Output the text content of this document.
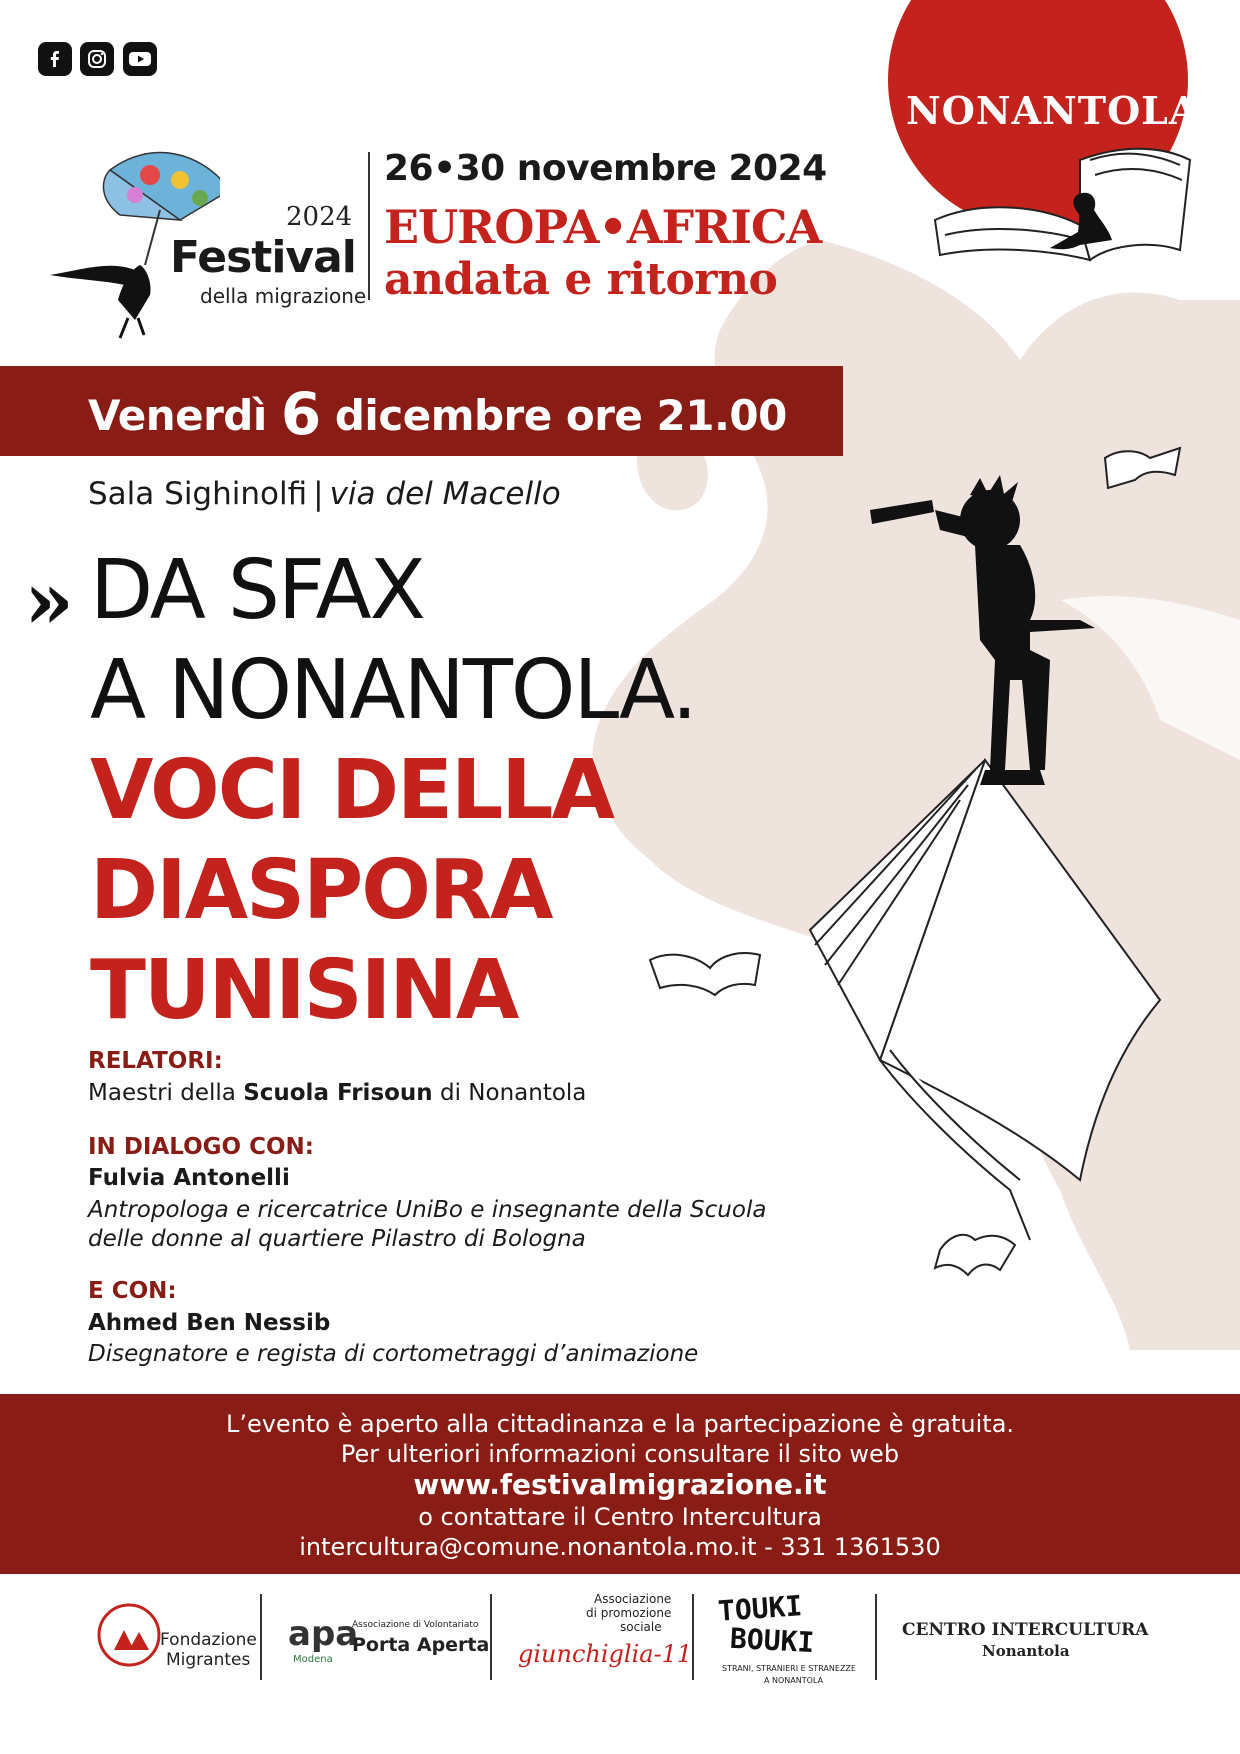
NONANTOLA
2024
Festival
della migrazione
26•30 novembre 2024
EUROPA•AFRICA
andata e ritorno
Venerdì 6 dicembre ore 21.00
Sala Sighinolfi | via del Macello
» DA SFAX
A NONANTOLA.
VOCI DELLA
DIASPORA
TUNISINA
RELATORI:
Maestri della Scuola Frisoun di Nonantola
IN DIALOGO CON:
Fulvia Antonelli
Antropologa e ricercatrice UniBo e insegnante della Scuola
delle donne al quartiere Pilastro di Bologna
E CON:
Ahmed Ben Nessib
Disegnatore e regista di cortometraggi d’animazione
L’evento è aperto alla cittadinanza e la partecipazione è gratuita.
Per ulteriori informazioni consultare il sito web
www.festivalmigrazione.it
o contattare il Centro Intercultura
intercultura@comune.nonantola.mo.it - 331 1361530
Fondazione
Migrantes
apa
Modena
Associazione di Volontariato
Porta Aperta
Associazione
di promozione
sociale
giunchiglia-11
TOUKI
BOUKI
STRANI, STRANIERI E STRANEZZE
A NONANTOLA
CENTRO INTERCULTURA
Nonantola
